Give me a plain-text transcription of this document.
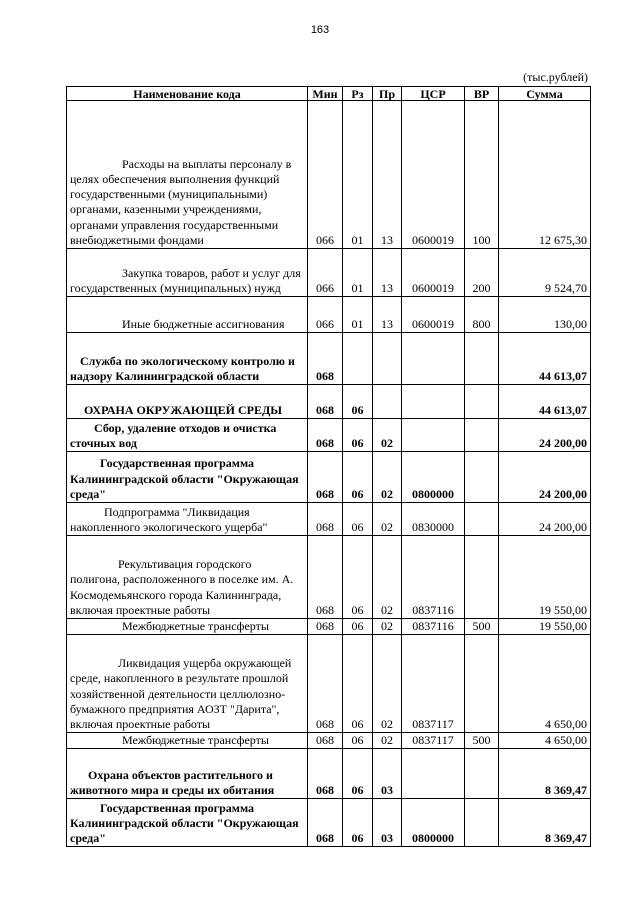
163
(тыс.рублей)
Наименование кода	Мин	Рз	Пр	ЦСР	ВР	Сумма
Расходы на выплаты персоналу в целях обеспечения выполнения функций государственными (муниципальными) органами, казенными учреждениями, органами управления государственными внебюджетными фондами	066	01	13	0600019	100	12 675,30
Закупка товаров, работ и услуг для государственных (муниципальных) нужд	066	01	13	0600019	200	9 524,70
Иные бюджетные ассигнования	066	01	13	0600019	800	130,00
Служба по экологическому контролю и надзору Калининградской области	068					44 613,07
ОХРАНА ОКРУЖАЮЩЕЙ СРЕДЫ	068	06				44 613,07
Сбор, удаление отходов и очистка сточных вод	068	06	02			24 200,00
Государственная программа Калининградской области "Окружающая среда"	068	06	02	0800000		24 200,00
Подпрограмма "Ликвидация накопленного экологического ущерба"	068	06	02	0830000		24 200,00
Рекультивация городского полигона, расположенного в поселке им. А. Космодемьянского города Калининграда, включая проектные работы	068	06	02	0837116		19 550,00
Межбюджетные трансферты	068	06	02	0837116	500	19 550,00
Ликвидация ущерба окружающей среде, накопленного в результате прошлой хозяйственной деятельности целлюлозно-бумажного предприятия АОЗТ "Дарита", включая проектные работы	068	06	02	0837117		4 650,00
Межбюджетные трансферты	068	06	02	0837117	500	4 650,00
Охрана объектов растительного и животного мира и среды их обитания	068	06	03			8 369,47
Государственная программа Калининградской области "Окружающая среда"	068	06	03	0800000		8 369,47
